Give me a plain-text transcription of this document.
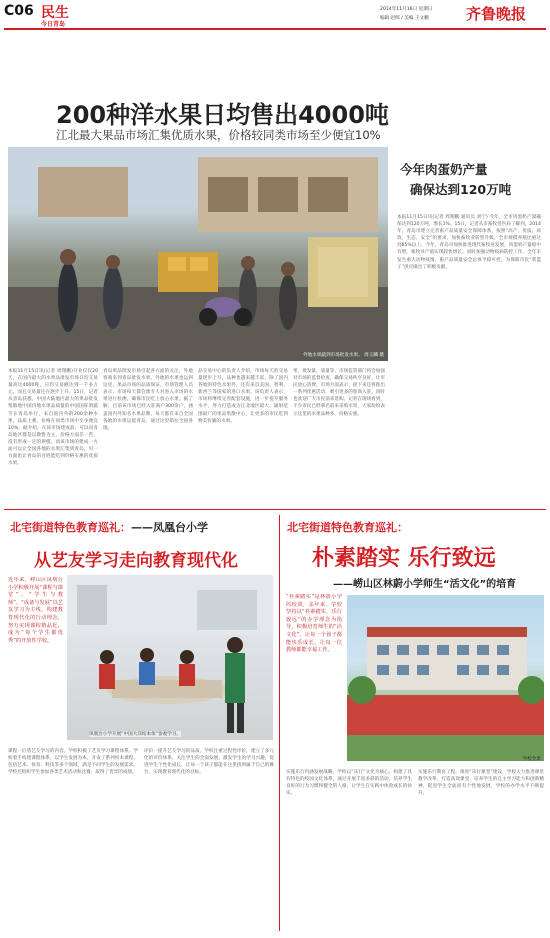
C06 民生
今日青岛
2014年11月16日 星期日
编辑 赵晖 / 美编 王文鹏 齐鲁晚报
200种洋水果日均售出4000吨
江北最大果品市场汇集优质水果，价格较同类市场至少便宜10%
外地水果蔬到市场批发水果。 周玉麟 摄
今年肉蛋奶产量
确保达到120万吨
本报11月15日讯(记者 周翔鹏 通讯员 刘宁) 今年，全市肉蛋奶产量确保达到120万吨，增长1%。15日，记者从市畜牧兽医局了解到，2014年，青岛市建立完善畜产品质量安全保障体系，按照“高产、优质、高效、生态、安全”的要求，加快畜牧业转型升级，全市规模养殖比重达到85%以上。今年，青岛市加快推进现代畜牧业发展，肉蛋奶产量稳中有增，畜牧业产值实现较快增长。同时加强动物疫病防控工作，全年未发生重大动物疫情，畜产品质量安全总体平稳可控，为保障市民“菜篮子”供应做出了积极贡献。
本报11月15日讯(记者 周翔鹏)开业仅仅20天，在国内最大的水果品批发市场日均交易量高达4000吨，日均交易额达到一千多万元，而且交易量还在逐步上升。15日，记者从青岛获悉，中国大陆地区最大的果品批发集散地中国内地水果品质量的中国国际果蔬节在青岛举行，来自国内外的200余种水果，品质上乘，价格在同类市场中至少便宜10%。据介绍，在该市场建成前，可以说青岛地区都是以散售为主，价格方面差一些，没有形成一定的规模。而该市场的建成一方面可以让全国各地的水果汇集到青岛，另一方面也让青岛的百姓能吃到价格实惠的优质水果。
青岛果品批发市场引起各方面的关注，外地客商来到青岛批发水果，外地的水果也运到这里，果品市场的品质保证，市场管理人员表示，市场每天都会派专人对进入市场的水果进行检测，确保市民吃上放心水果。据了解，目前该市场已经入驻商户300余户，涵盖国内外知名水果品牌，每天都有来自全国各地的水果运抵青岛，通过这里销往全国各地。
品交易中心的负责人介绍，市场每天的交易量逐步上升，品种也越来越丰富，除了国内各地的特色水果外，还有来自美国、智利、新西兰等国家的进口水果。该负责人表示，市场将继续完善配套设施，进一步提升服务水平，努力打造成为江北地区最大、辐射范围最广的果品集散中心，让更多的市民吃到物美价廉的水果。
果、批发量、质量等，市场监管部门将会加强对市场的监督检查，确保交易秩序良好，让市民放心消费。市场方面表示，接下来还将推出一系列优惠活动，吸引更多的客商入驻，同时也欢迎广大市民前来选购。记者在现场看到，不少市民已经慕名前来采购水果，大家纷纷表示这里的水果品种多、价格实惠。
北宅街道特色教育巡礼：——凤凰台小学
从艺友学习走向教育现代化
近年来，崂山区凤凰台小学积极开展“课程与课堂”、“学生与教师”、“成备与发展”以艺友学习为主线，构建教育现代化的行动理念，努力实现课程精品化、成为“每个学生都优秀”的开放性学校。
凤凰台小学开展“中国大洋结本体”参观学习。
课程一后盾艺友学习的内容。学校积极了艺友学习课程体系。学校着手构建课程体系，以学生发展为本，开发了系列校本课程，包括艺术、体育、科技等多个领域，满足不同学生的发展需求。学校还组织学生参加各类艺术活动和比赛，取得了优异的成绩。
评价一提升艺友学习的品质。学校注重过程性评价，建立了多元化的评价体系，关注学生的全面发展，激发学生的学习兴趣，促进学生个性化成长，让每一个孩子都能在这里找到属于自己的舞台，实现教育现代化的目标。
北宅街道特色教育巡礼：
朴素踏实 乐行致远
——崂山区林蔚小学师生“活文化”的培育
“朴素踏实”是林蔚小学的校训，多年来，学校坚持以“朴素踏实、乐行致远”的办学理念为指导，积极培育师生的“活文化”，让每一个孩子都能快乐成长，让每一位教师都能幸福工作。
学校全景
实施乐行内涵发展战略，学校以“乐行”文化为核心，构建了具有特色的校园文化体系，通过开展丰富多彩的活动，培养学生良好的行为习惯和健全的人格，让学生在实践中体验成长的快乐。
实施乐行教育工程，推进“乐行课堂”建设，学校大力推进课堂教学改革，打造高效课堂，培养学生的自主学习能力和创新精神，促进学生全面而有个性地发展，学校的办学水平不断提升。
